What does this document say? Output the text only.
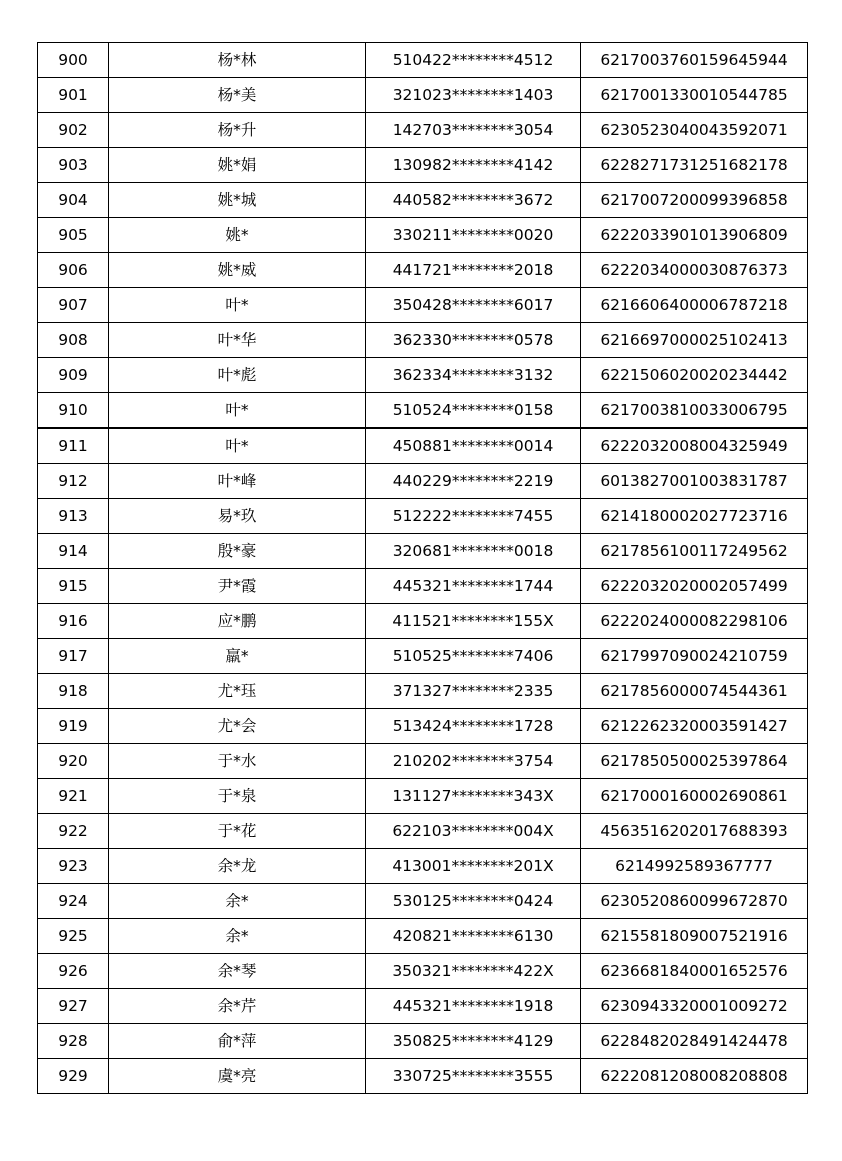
900	杨*林	510422********4512	6217003760159645944
901	杨*美	321023********1403	6217001330010544785
902	杨*升	142703********3054	6230523040043592071
903	姚*娟	130982********4142	6228271731251682178
904	姚*城	440582********3672	6217007200099396858
905	姚*	330211********0020	6222033901013906809
906	姚*威	441721********2018	6222034000030876373
907	叶*	350428********6017	6216606400006787218
908	叶*华	362330********0578	6216697000025102413
909	叶*彪	362334********3132	6221506020020234442
910	叶*	510524********0158	6217003810033006795
911	叶*	450881********0014	6222032008004325949
912	叶*峰	440229********2219	6013827001003831787
913	易*玖	512222********7455	6214180002027723716
914	殷*豪	320681********0018	6217856100117249562
915	尹*霞	445321********1744	6222032020002057499
916	应*鹏	411521********155X	6222024000082298106
917	羸*	510525********7406	6217997090024210759
918	尤*珏	371327********2335	6217856000074544361
919	尤*会	513424********1728	6212262320003591427
920	于*水	210202********3754	6217850500025397864
921	于*泉	131127********343X	6217000160002690861
922	于*花	622103********004X	4563516202017688393
923	余*龙	413001********201X	6214992589367777
924	余*	530125********0424	6230520860099672870
925	余*	420821********6130	6215581809007521916
926	余*琴	350321********422X	6236681840001652576
927	余*芹	445321********1918	6230943320001009272
928	俞*萍	350825********4129	6228482028491424478
929	虞*亮	330725********3555	6222081208008208808
